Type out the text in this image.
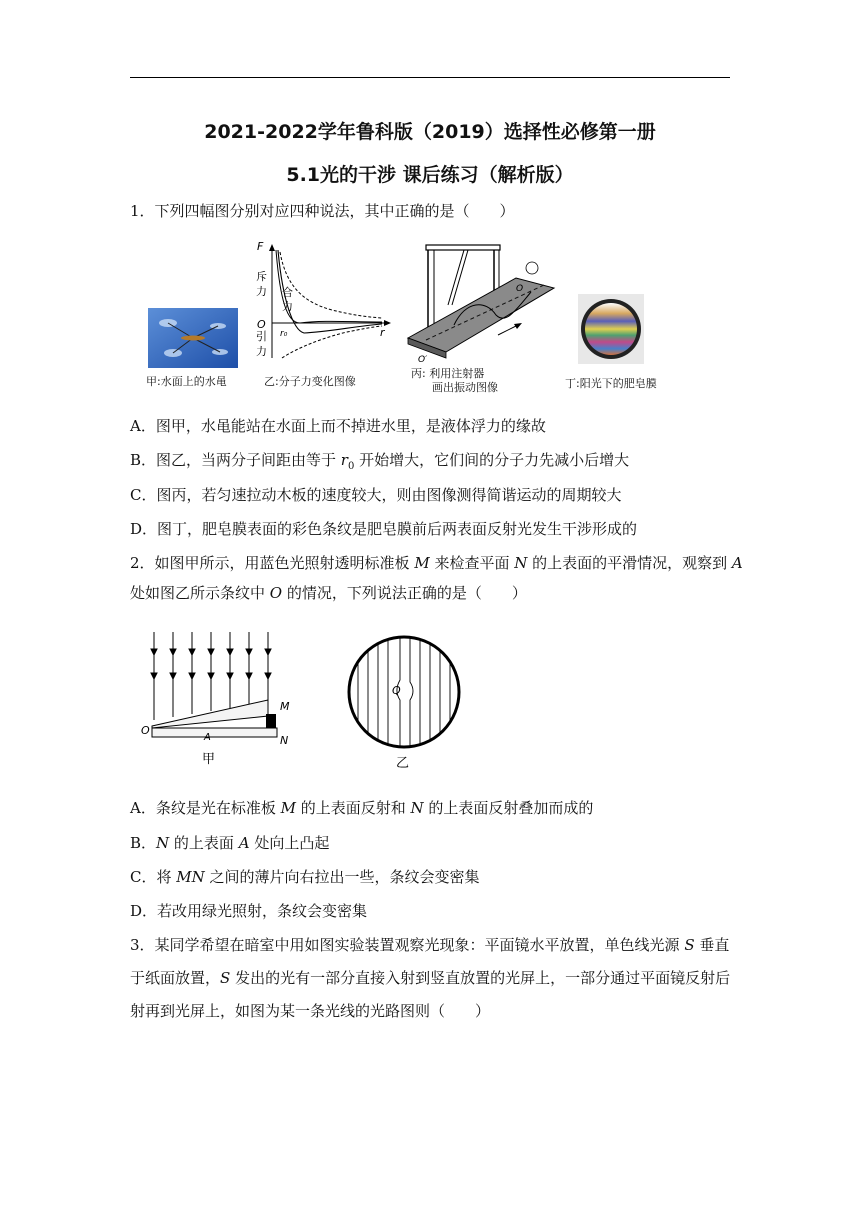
2021-2022学年鲁科版（2019）选择性必修第一册
5.1光的干涉 课后练习（解析版）
1．下列四幅图分别对应四种说法，其中正确的是（　　）
甲:水面上的水黾
F
斥
力 合
力
O
r₀	r
引
力
乙:分子力变化图像
O′
O
丙: 利用注射器
画出振动图像	丁:阳光下的肥皂膜
A．图甲，水黾能站在水面上而不掉进水里，是液体浮力的缘故
B．图乙，当两分子间距由等于 $r_0$ 开始增大，它们间的分子力先减小后增大
C．图丙，若匀速拉动木板的速度较大，则由图像测得简谐运动的周期较大
D．图丁，肥皂膜表面的彩色条纹是肥皂膜前后两表面反射光发生干涉形成的
2．如图甲所示，用蓝色光照射透明标准板 M 来检查平面 N 的上表面的平滑情况，观察到 A
处如图乙所示条纹中 O 的情况，下列说法正确的是（　　）
M
N
O
A
甲
Q
乙
A．条纹是光在标准板 M 的上表面反射和 N 的上表面反射叠加而成的
B．N 的上表面 A 处向上凸起
C．将 MN 之间的薄片向右拉出一些，条纹会变密集
D．若改用绿光照射，条纹会变密集
3．某同学希望在暗室中用如图实验装置观察光现象：平面镜水平放置，单色线光源 S 垂直
于纸面放置，S 发出的光有一部分直接入射到竖直放置的光屏上，一部分通过平面镜反射后
射再到光屏上，如图为某一条光线的光路图则（　　）
